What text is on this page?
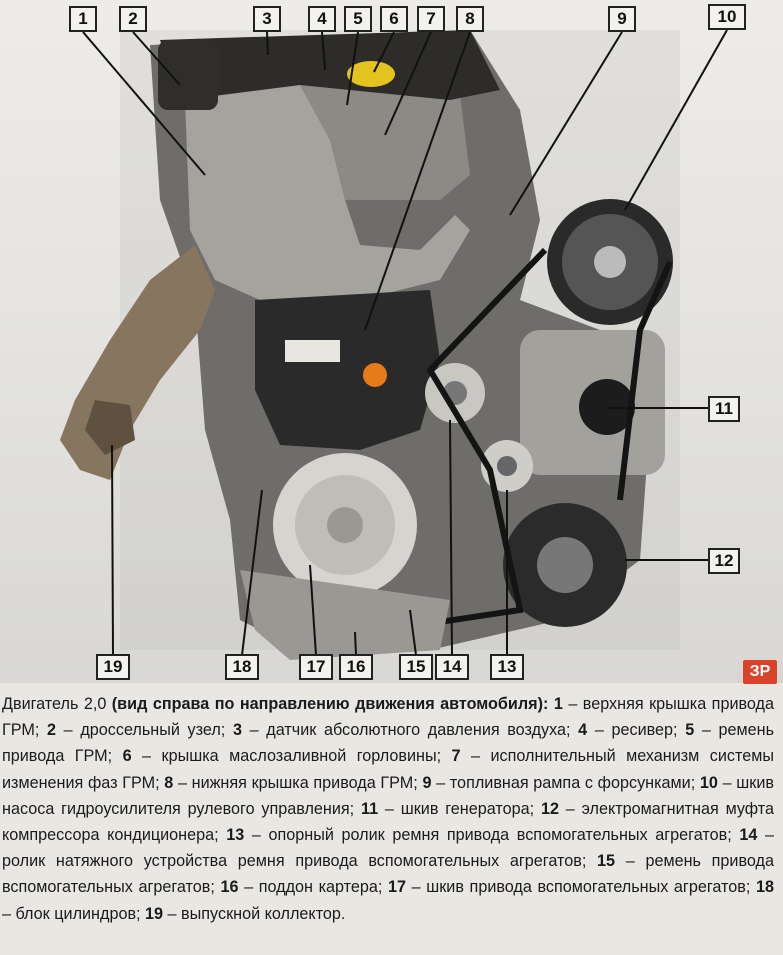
1	2	3	4	5	6	7	8	9	10
11
12
13
14
15
16
17
18
19	ЗР

Двигатель 2,0 (вид справа по направлению движения автомобиля): 1 – верхняя крышка привода ГРМ; 2 – дроссельный узел; 3 – датчик абсолютного давления воздуха; 4 – ресивер; 5 – ремень привода ГРМ; 6 – крышка маслозаливной горловины; 7 – исполнительный механизм системы изменения фаз ГРМ; 8 – нижняя крышка привода ГРМ; 9 – топливная рампа с форсунками; 10 – шкив насоса гидроусилителя рулевого управления; 11 – шкив генератора; 12 – электромагнитная муфта компрессора кондиционера; 13 – опорный ролик ремня привода вспомогательных агрегатов; 14 – ролик натяжного устройства ремня привода вспомогательных агрегатов; 15 – ремень привода вспомогательных агрегатов; 16 – поддон картера; 17 – шкив привода вспомогательных агрегатов; 18 – блок цилиндров; 19 – выпускной коллектор.
